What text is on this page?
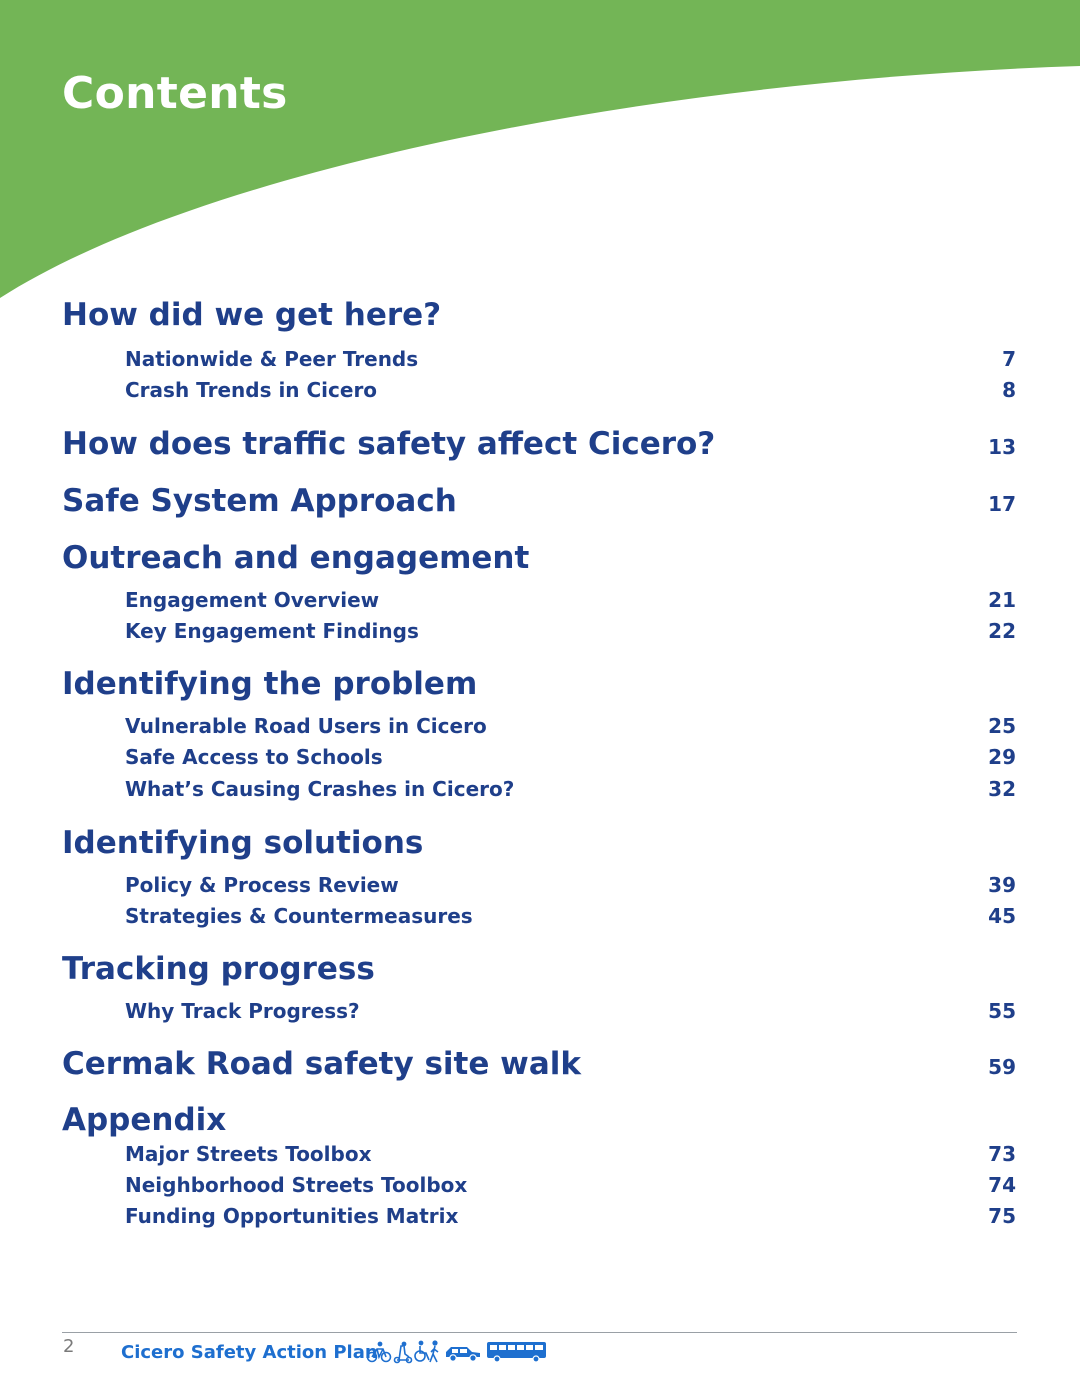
Contents
How did we get here?
Nationwide & Peer Trends	7
Crash Trends in Cicero	8
How does traffic safety affect Cicero?	13
Safe System Approach	17
Outreach and engagement
Engagement Overview	21
Key Engagement Findings	22
Identifying the problem
Vulnerable Road Users in Cicero	25
Safe Access to Schools	29
What’s Causing Crashes in Cicero?	32
Identifying solutions
Policy & Process Review	39
Strategies & Countermeasures	45
Tracking progress
Why Track Progress?	55
Cermak Road safety site walk	59
Appendix
Major Streets Toolbox	73
Neighborhood Streets Toolbox	74
Funding Opportunities Matrix	75
2	Cicero Safety Action Plan
